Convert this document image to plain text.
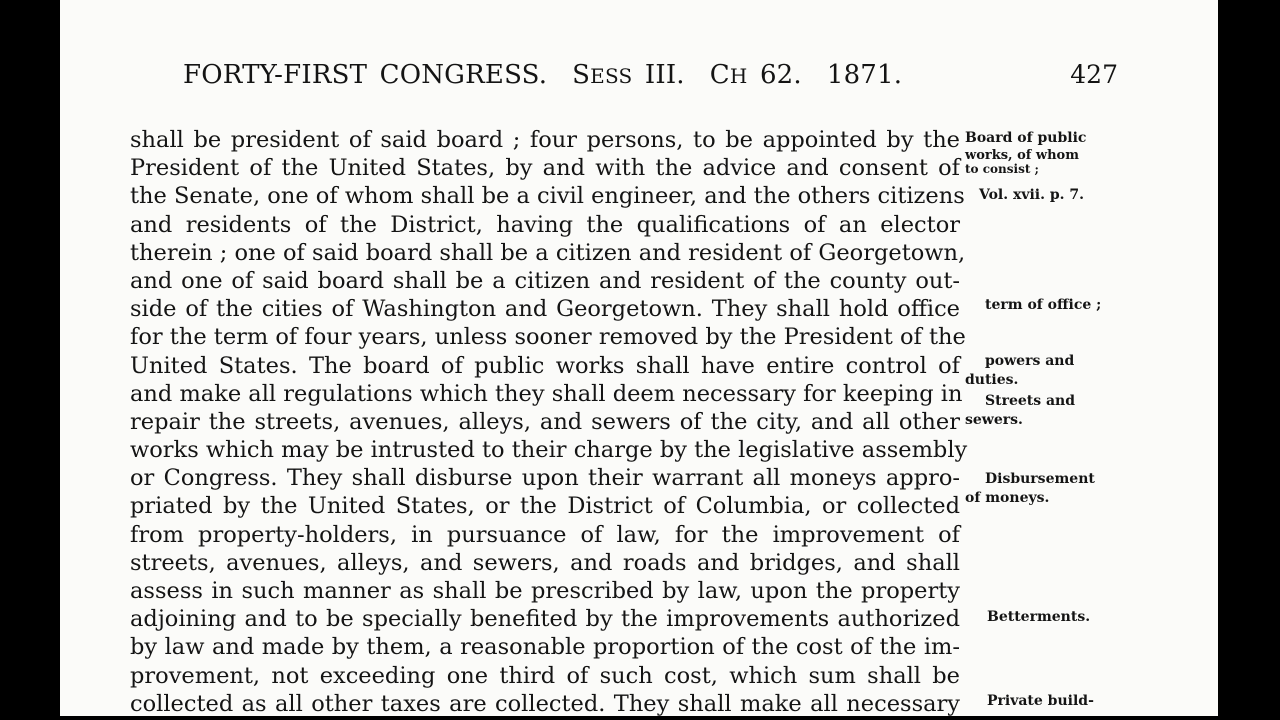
FORTY-FIRST CONGRESS. SESS III. CH 62. 1871.	427
shall be president of said board ; four persons, to be appointed by the
President of the United States, by and with the advice and consent of
the Senate, one of whom shall be a civil engineer, and the others citizens
and residents of the District, having the qualifications of an elector
therein ; one of said board shall be a citizen and resident of Georgetown,
and one of said board shall be a citizen and resident of the county out-
side of the cities of Washington and Georgetown. They shall hold office
for the term of four years, unless sooner removed by the President of the
United States. The board of public works shall have entire control of
and make all regulations which they shall deem necessary for keeping in
repair the streets, avenues, alleys, and sewers of the city, and all other
works which may be intrusted to their charge by the legislative assembly
or Congress. They shall disburse upon their warrant all moneys appro-
priated by the United States, or the District of Columbia, or collected
from property-holders, in pursuance of law, for the improvement of
streets, avenues, alleys, and sewers, and roads and bridges, and shall
assess in such manner as shall be prescribed by law, upon the property
adjoining and to be specially benefited by the improvements authorized
by law and made by them, a reasonable proportion of the cost of the im-
provement, not exceeding one third of such cost, which sum shall be
collected as all other taxes are collected. They shall make all necessary
Board of public
works, of whom
to consist ;
Vol. xvii. p. 7.
term of office ;
powers and
duties.
Streets and
sewers.
Disbursement
of moneys.
Betterments.
Private build-
